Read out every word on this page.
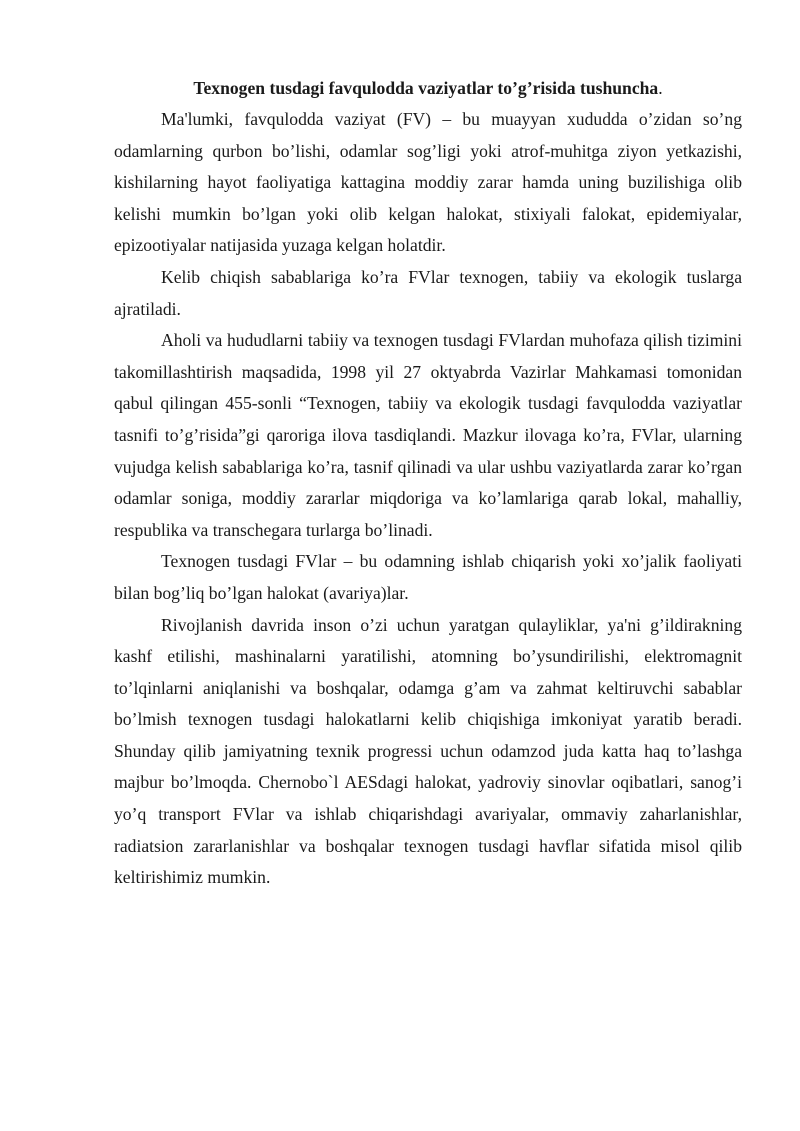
Texnogen tusdagi favqulodda vaziyatlar to’g’risida tushuncha.

Ma'lumki, favqulodda vaziyat (FV) – bu muayyan xududda o’zidan so’ng odamlarning qurbon bo’lishi, odamlar sog’ligi yoki atrof-muhitga ziyon yetkazishi, kishilarning hayot faoliyatiga kattagina moddiy zarar hamda uning buzilishiga olib kelishi mumkin bo’lgan yoki olib kelgan halokat, stixiyali falokat, epidemiyalar, epizootiyalar natijasida yuzaga kelgan holatdir.

Kelib chiqish sabablariga ko’ra FVlar texnogen, tabiiy va ekologik tuslarga ajratiladi.

Aholi va hududlarni tabiiy va texnogen tusdagi FVlardan muhofaza qilish tizimini takomillashtirish maqsadida, 1998 yil 27 oktyabrda Vazirlar Mahkamasi tomonidan qabul qilingan 455-sonli “Texnogen, tabiiy va ekologik tusdagi favqulodda vaziyatlar tasnifi to’g’risida”gi qaroriga ilova tasdiqlandi. Mazkur ilovaga ko’ra, FVlar, ularning vujudga kelish sabablariga ko’ra, tasnif qilinadi va ular ushbu vaziyatlarda zarar ko’rgan odamlar soniga, moddiy zararlar miqdoriga va ko’lamlariga qarab lokal, mahalliy, respublika va transchegara turlarga bo’linadi.

Texnogen tusdagi FVlar – bu odamning ishlab chiqarish yoki xo’jalik faoliyati bilan bog’liq bo’lgan halokat (avariya)lar.

Rivojlanish davrida inson o’zi uchun yaratgan qulayliklar, ya'ni g’ildirakning kashf etilishi, mashinalarni yaratilishi, atomning bo’ysundirilishi, elektromagnit to’lqinlarni aniqlanishi va boshqalar, odamga g’am va zahmat keltiruvchi sabablar bo’lmish texnogen tusdagi halokatlarni kelib chiqishiga imkoniyat yaratib beradi. Shunday qilib jamiyatning texnik progressi uchun odamzod juda katta haq to’lashga majbur bo’lmoqda. Chernobo`l AESdagi halokat, yadroviy sinovlar oqibatlari, sanog’i yo’q transport FVlar va ishlab chiqarishdagi avariyalar, ommaviy zaharlanishlar, radiatsion zararlanishlar va boshqalar texnogen tusdagi havflar sifatida misol qilib keltirishimiz mumkin.
